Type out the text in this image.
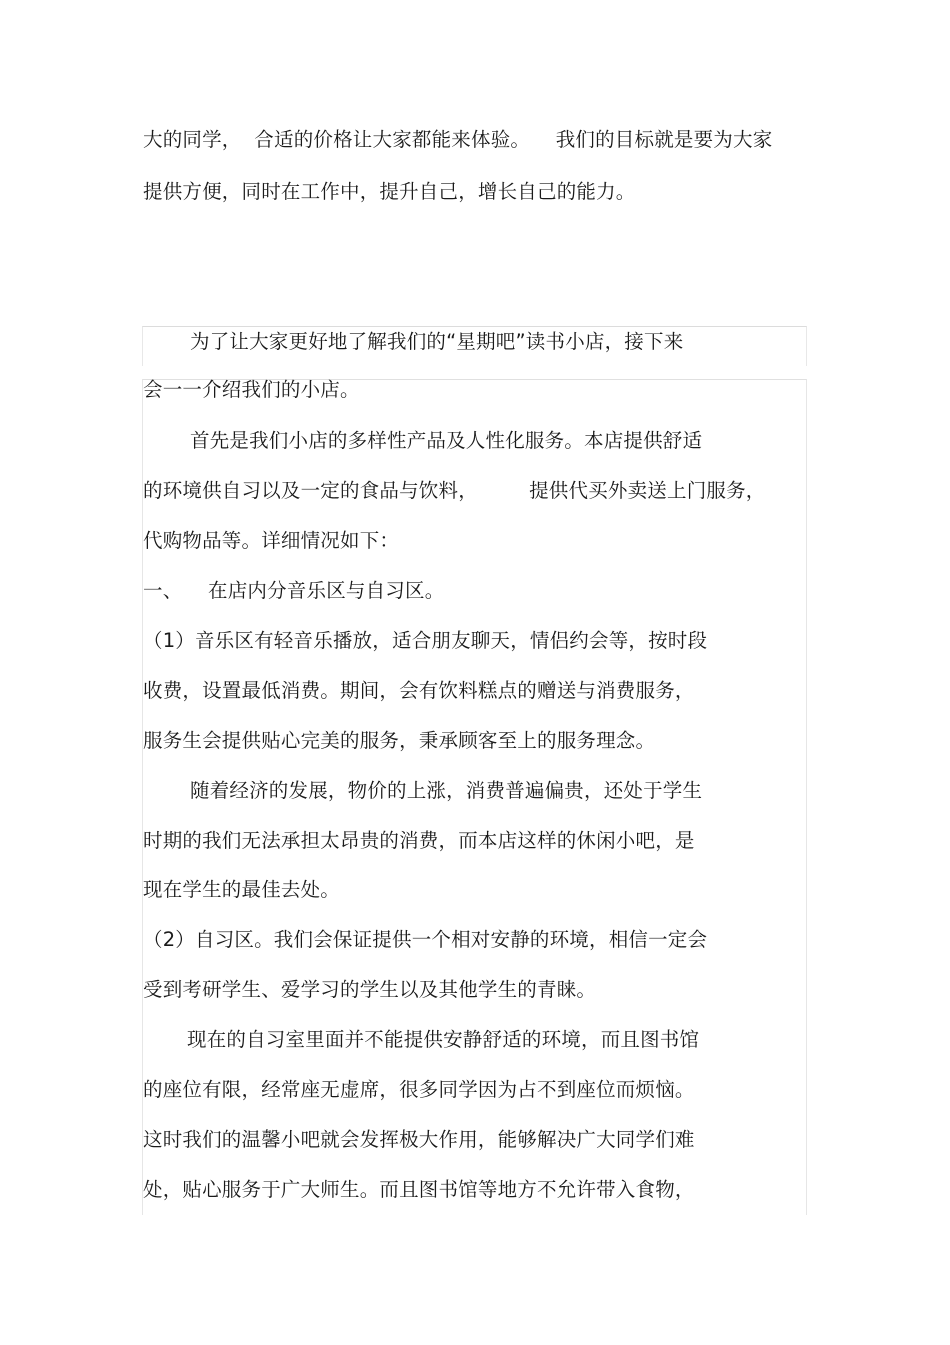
大的同学，  合适的价格让大家都能来体验。    我们的目标就是要为大家
提供方便，同时在工作中，提升自己，增长自己的能力。
为了让大家更好地了解我们的“星期吧”读书小店，接下来
会一一介绍我们的小店。
首先是我们小店的多样性产品及人性化服务。本店提供舒适
的环境供自习以及一定的食品与饮料，        提供代买外卖送上门服务，
代购物品等。详细情况如下：
一、    在店内分音乐区与自习区。
（1）音乐区有轻音乐播放，适合朋友聊天，情侣约会等，按时段
收费，设置最低消费。期间，会有饮料糕点的赠送与消费服务，
服务生会提供贴心完美的服务，秉承顾客至上的服务理念。
随着经济的发展，物价的上涨，消费普遍偏贵，还处于学生
时期的我们无法承担太昂贵的消费，而本店这样的休闲小吧，是
现在学生的最佳去处。
（2）自习区。我们会保证提供一个相对安静的环境，相信一定会
受到考研学生、爱学习的学生以及其他学生的青睐。
现在的自习室里面并不能提供安静舒适的环境，而且图书馆
的座位有限，经常座无虚席，很多同学因为占不到座位而烦恼。
这时我们的温馨小吧就会发挥极大作用，能够解决广大同学们难
处，贴心服务于广大师生。而且图书馆等地方不允许带入食物，
